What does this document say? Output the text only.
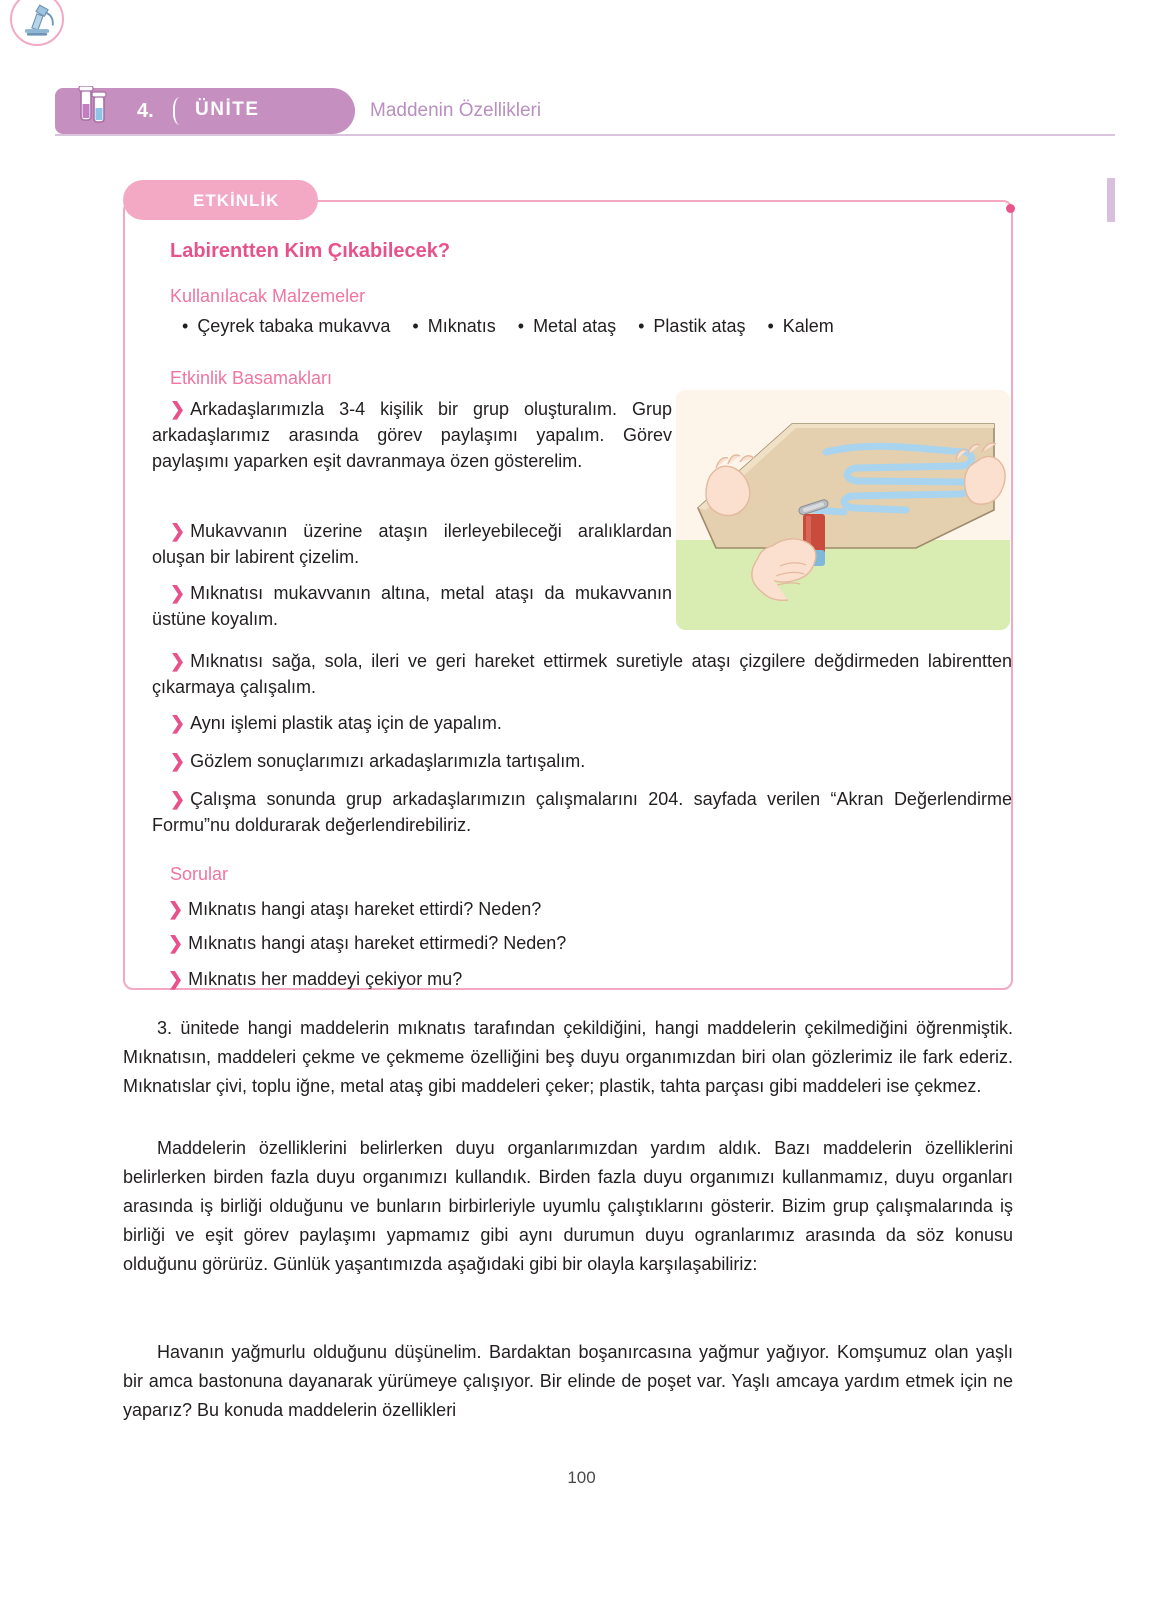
4. ÜNİTE	Maddenin Özellikleri
ETKİNLİK
Labirentten Kim Çıkabilecek?
Kullanılacak Malzemeler
• Çeyrek tabaka mukavva	• Mıknatıs	• Metal ataş	• Plastik ataş	• Kalem
Etkinlik Basamakları
❯ Arkadaşlarımızla 3-4 kişilik bir grup oluşturalım. Grup arkadaşlarımız arasında görev paylaşımı yapalım. Görev paylaşımı yaparken eşit davranmaya özen gösterelim.
❯ Mukavvanın üzerine ataşın ilerleyebileceği aralıklardan oluşan bir labirent çizelim.
❯ Mıknatısı mukavvanın altına, metal ataşı da mukavvanın üstüne koyalım.
❯ Mıknatısı sağa, sola, ileri ve geri hareket ettirmek suretiyle ataşı çizgilere değdirmeden labirentten çıkarmaya çalışalım.
❯ Aynı işlemi plastik ataş için de yapalım.
❯ Gözlem sonuçlarımızı arkadaşlarımızla tartışalım.
❯ Çalışma sonunda grup arkadaşlarımızın çalışmalarını 204. sayfada verilen “Akran Değerlendirme Formu”nu doldurarak değerlendirebiliriz.
Sorular
❯ Mıknatıs hangi ataşı hareket ettirdi? Neden?
❯ Mıknatıs hangi ataşı hareket ettirmedi? Neden?
❯ Mıknatıs her maddeyi çekiyor mu?
3. ünitede hangi maddelerin mıknatıs tarafından çekildiğini, hangi maddelerin çekilmediğini öğrenmiştik. Mıknatısın, maddeleri çekme ve çekmeme özelliğini beş duyu organımızdan biri olan gözlerimiz ile fark ederiz. Mıknatıslar çivi, toplu iğne, metal ataş gibi maddeleri çeker; plastik, tahta parçası gibi maddeleri ise çekmez.
Maddelerin özelliklerini belirlerken duyu organlarımızdan yardım aldık. Bazı maddelerin özelliklerini belirlerken birden fazla duyu organımızı kullandık. Birden fazla duyu organımızı kullanmamız, duyu organları arasında iş birliği olduğunu ve bunların birbirleriyle uyumlu çalıştıklarını gösterir. Bizim grup çalışmalarında iş birliği ve eşit görev paylaşımı yapmamız gibi aynı durumun duyu ogranlarımız arasında da söz konusu olduğunu görürüz. Günlük yaşantımızda aşağıdaki gibi bir olayla karşılaşabiliriz:
Havanın yağmurlu olduğunu düşünelim. Bardaktan boşanırcasına yağmur yağıyor. Komşumuz olan yaşlı bir amca bastonuna dayanarak yürümeye çalışıyor. Bir elinde de poşet var. Yaşlı amcaya yardım etmek için ne yaparız? Bu konuda maddelerin özellikleri
100
